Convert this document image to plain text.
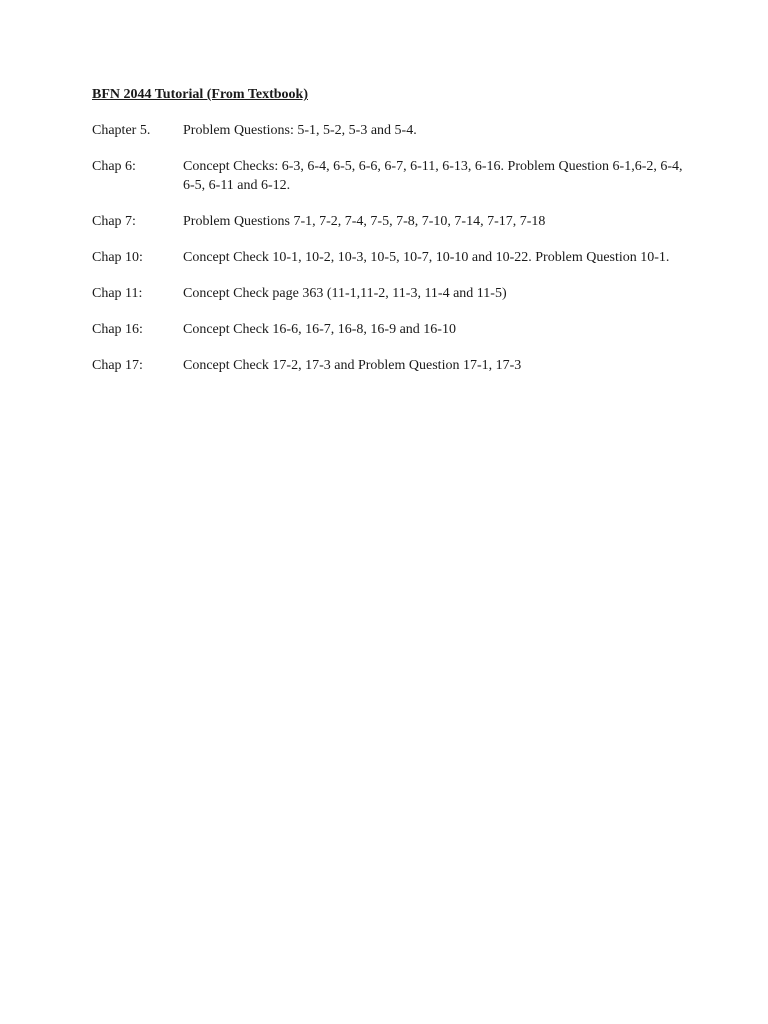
BFN 2044 Tutorial (From Textbook)
Chapter 5.	Problem Questions: 5-1, 5-2, 5-3 and 5-4.
Chap 6:	Concept Checks: 6-3, 6-4, 6-5, 6-6, 6-7, 6-11, 6-13, 6-16. Problem Question 6-1,6-2, 6-4, 6-5, 6-11 and 6-12.
Chap 7:	Problem Questions 7-1, 7-2, 7-4, 7-5, 7-8, 7-10, 7-14, 7-17, 7-18
Chap 10:	Concept Check 10-1, 10-2, 10-3, 10-5, 10-7, 10-10 and 10-22. Problem Question 10-1.
Chap 11:	Concept Check page 363 (11-1,11-2, 11-3, 11-4 and 11-5)
Chap 16:	Concept Check 16-6, 16-7, 16-8, 16-9 and 16-10
Chap 17:	Concept Check 17-2, 17-3 and Problem Question 17-1, 17-3
